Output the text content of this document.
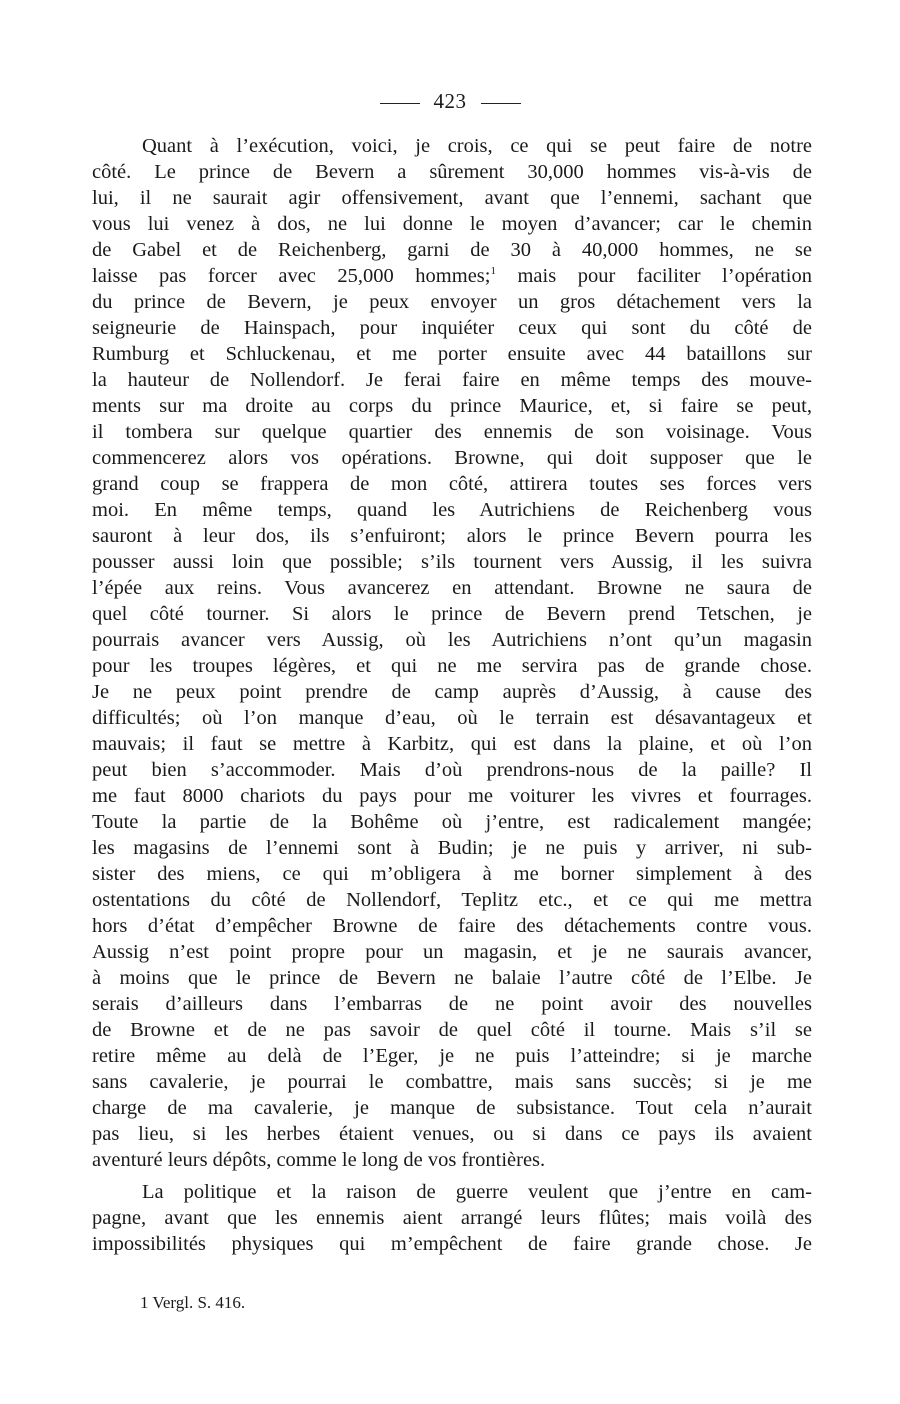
423
Quant à l’exécution, voici, je crois, ce qui se peut faire de notre
côté. Le prince de Bevern a sûrement 30,000 hommes vis-à-vis de
lui, il ne saurait agir offensivement, avant que l’ennemi, sachant que
vous lui venez à dos, ne lui donne le moyen d’avancer; car le chemin
de Gabel et de Reichenberg, garni de 30 à 40,000 hommes, ne se
laisse pas forcer avec 25,000 hommes;$^1$ mais pour faciliter l’opération
du prince de Bevern, je peux envoyer un gros détachement vers la
seigneurie de Hainspach, pour inquiéter ceux qui sont du côté de
Rumburg et Schluckenau, et me porter ensuite avec 44 bataillons sur
la hauteur de Nollendorf. Je ferai faire en même temps des mouve-
ments sur ma droite au corps du prince Maurice, et, si faire se peut,
il tombera sur quelque quartier des ennemis de son voisinage. Vous
commencerez alors vos opérations. Browne, qui doit supposer que le
grand coup se frappera de mon côté, attirera toutes ses forces vers
moi. En même temps, quand les Autrichiens de Reichenberg vous
sauront à leur dos, ils s’enfuiront; alors le prince Bevern pourra les
pousser aussi loin que possible; s’ils tournent vers Aussig, il les suivra
l’épée aux reins. Vous avancerez en attendant. Browne ne saura de
quel côté tourner. Si alors le prince de Bevern prend Tetschen, je
pourrais avancer vers Aussig, où les Autrichiens n’ont qu’un magasin
pour les troupes légères, et qui ne me servira pas de grande chose.
Je ne peux point prendre de camp auprès d’Aussig, à cause des
difficultés; où l’on manque d’eau, où le terrain est désavantageux et
mauvais; il faut se mettre à Karbitz, qui est dans la plaine, et où l’on
peut bien s’accommoder. Mais d’où prendrons-nous de la paille? Il
me faut 8000 chariots du pays pour me voiturer les vivres et fourrages.
Toute la partie de la Bohême où j’entre, est radicalement mangée;
les magasins de l’ennemi sont à Budin; je ne puis y arriver, ni sub-
sister des miens, ce qui m’obligera à me borner simplement à des
ostentations du côté de Nollendorf, Teplitz etc., et ce qui me mettra
hors d’état d’empêcher Browne de faire des détachements contre vous.
Aussig n’est point propre pour un magasin, et je ne saurais avancer,
à moins que le prince de Bevern ne balaie l’autre côté de l’Elbe. Je
serais d’ailleurs dans l’embarras de ne point avoir des nouvelles
de Browne et de ne pas savoir de quel côté il tourne. Mais s’il se
retire même au delà de l’Eger, je ne puis l’atteindre; si je marche
sans cavalerie, je pourrai le combattre, mais sans succès; si je me
charge de ma cavalerie, je manque de subsistance. Tout cela n’aurait
pas lieu, si les herbes étaient venues, ou si dans ce pays ils avaient
aventuré leurs dépôts, comme le long de vos frontières.
La politique et la raison de guerre veulent que j’entre en cam-
pagne, avant que les ennemis aient arrangé leurs flûtes; mais voilà des
impossibilités physiques qui m’empêchent de faire grande chose. Je
1 Vergl. S. 416.
